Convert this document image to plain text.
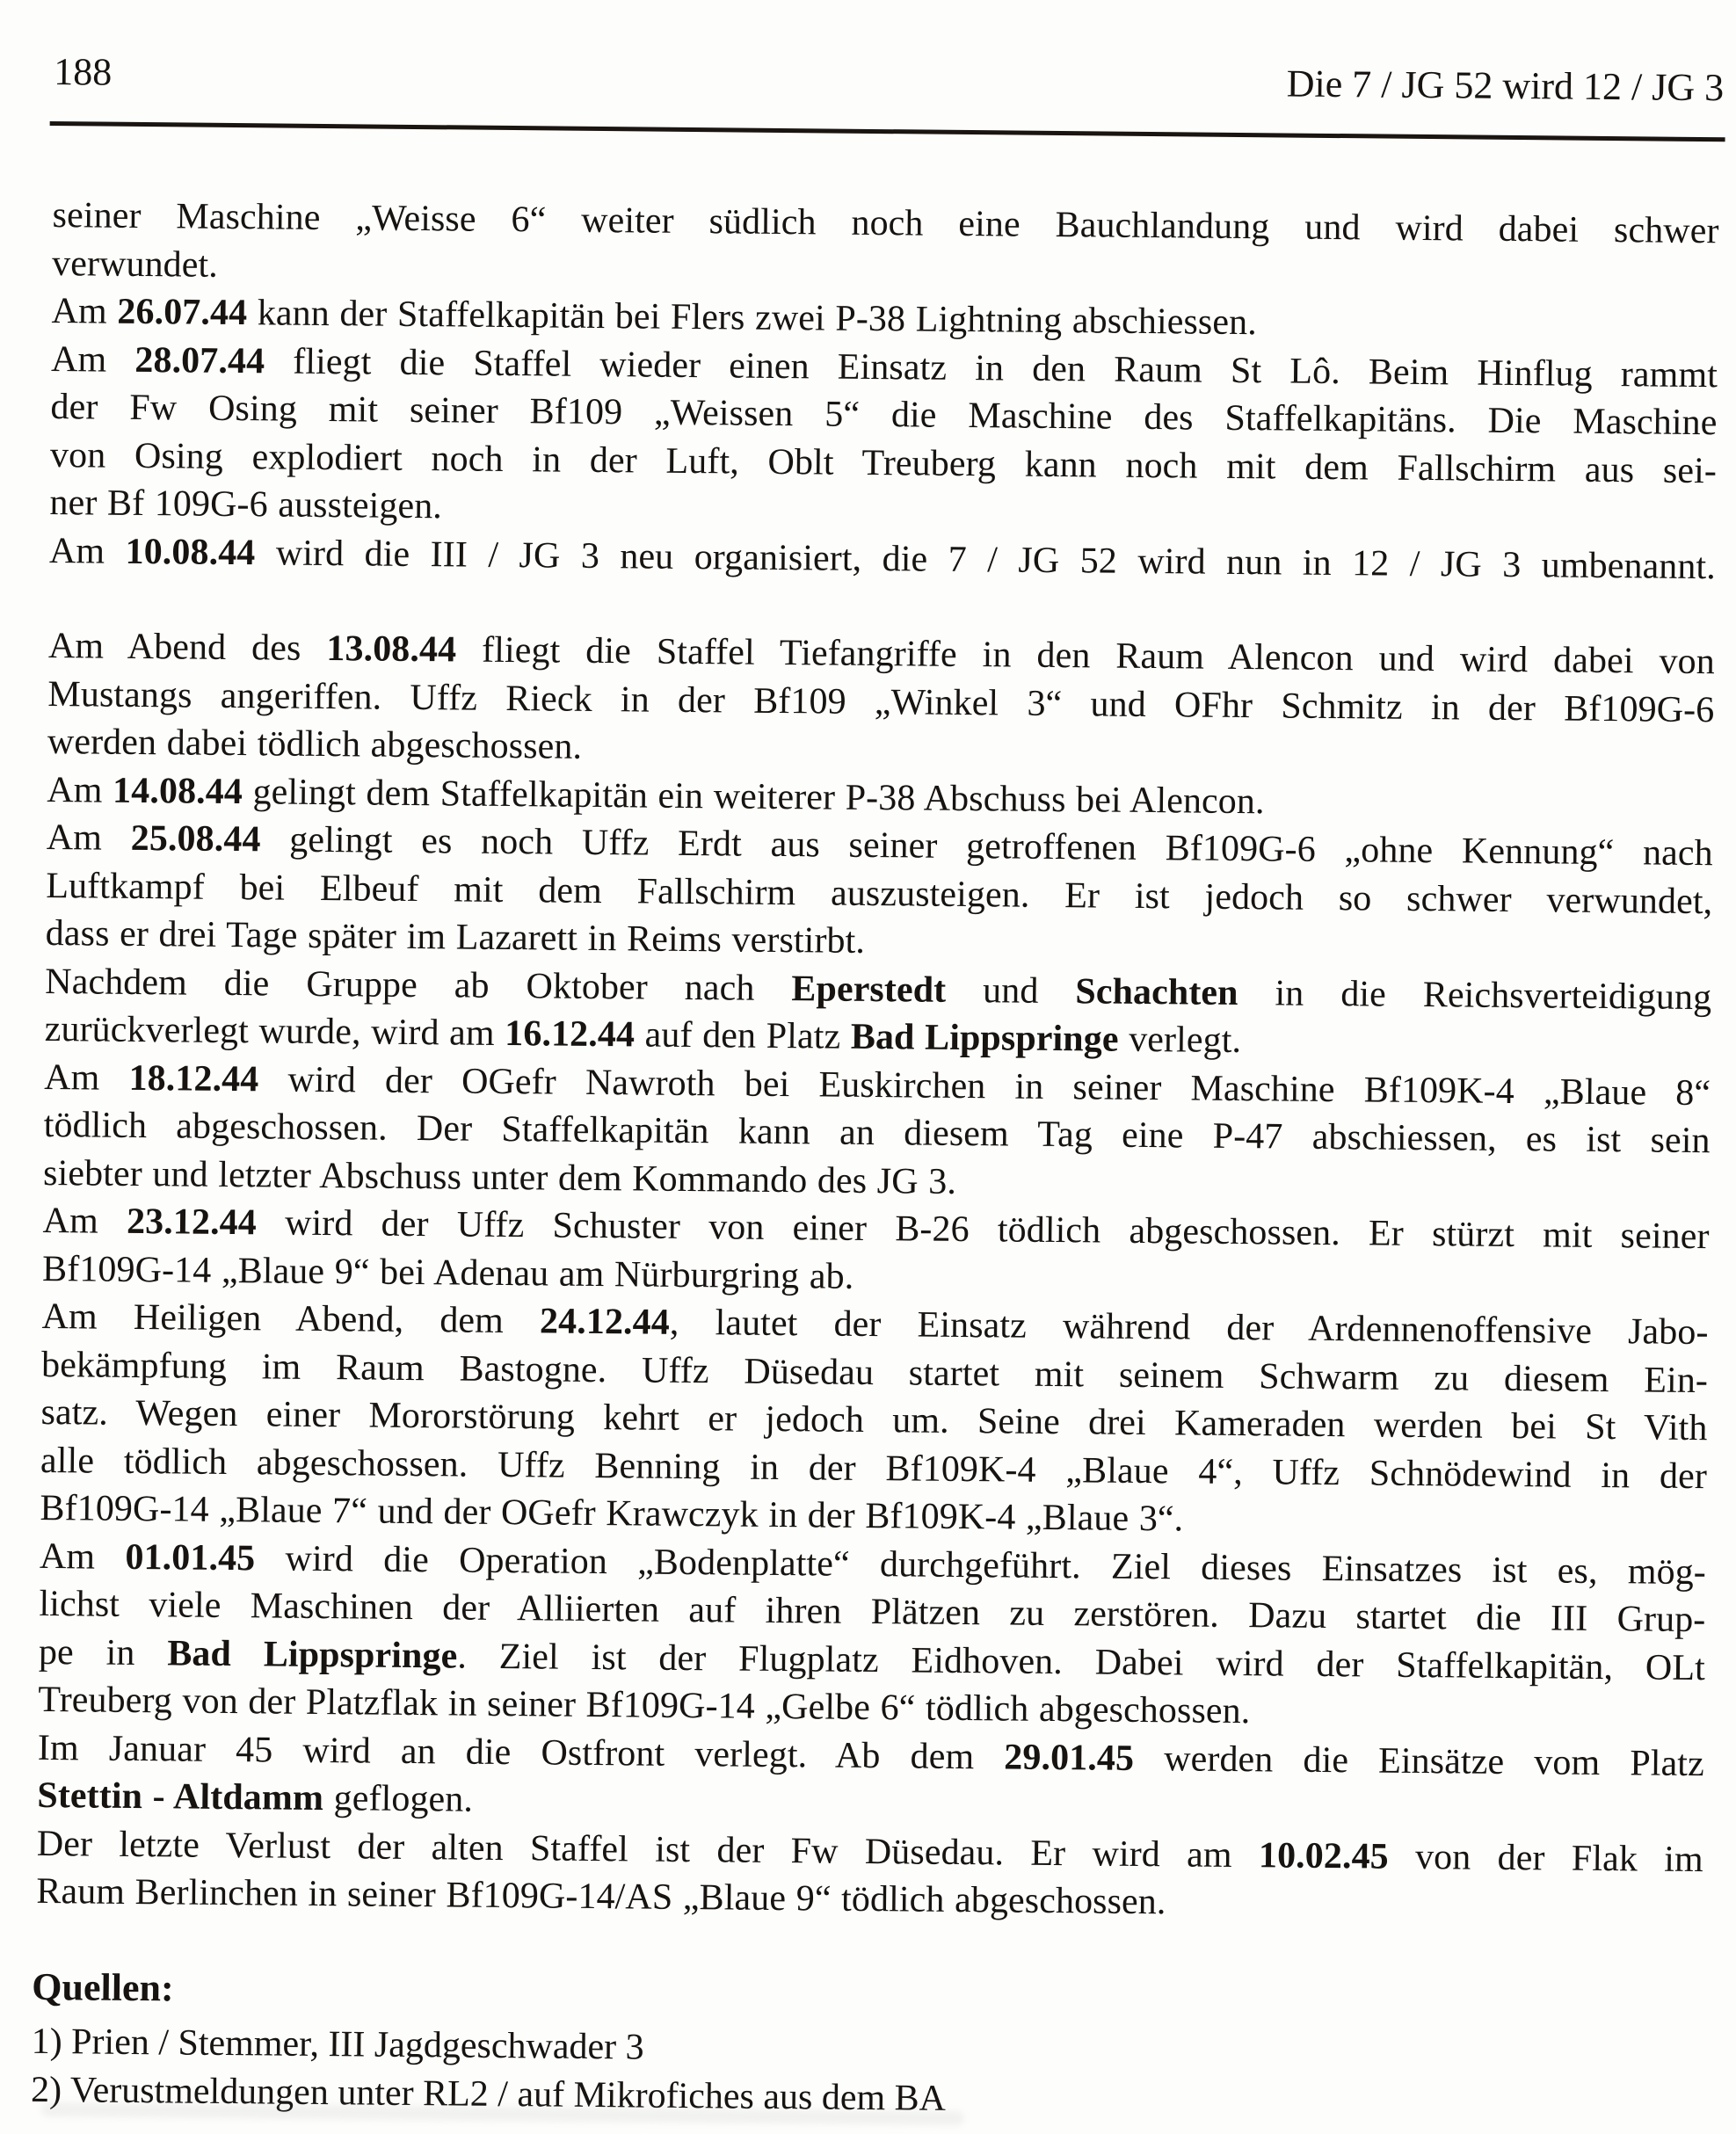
188	Die 7 / JG 52 wird 12 / JG 3
seiner Maschine „Weisse 6“ weiter südlich noch eine Bauchlandung und wird dabei schwer
verwundet.
Am 26.07.44 kann der Staffelkapitän bei Flers zwei P-38 Lightning abschiessen.
Am 28.07.44 fliegt die Staffel wieder einen Einsatz in den Raum St Lô. Beim Hinflug rammt
der Fw Osing mit seiner Bf109 „Weissen 5“ die Maschine des Staffelkapitäns. Die Maschine
von Osing explodiert noch in der Luft, Oblt Treuberg kann noch mit dem Fallschirm aus sei-
ner Bf 109G-6 aussteigen.
Am 10.08.44 wird die III / JG 3 neu organisiert, die 7 / JG 52 wird nun in 12 / JG 3 umbenannt.
Am Abend des 13.08.44 fliegt die Staffel Tiefangriffe in den Raum Alencon und wird dabei von
Mustangs angeriffen. Uffz Rieck in der Bf109 „Winkel 3“ und OFhr Schmitz in der Bf109G-6
werden dabei tödlich abgeschossen.
Am 14.08.44 gelingt dem Staffelkapitän ein weiterer P-38 Abschuss bei Alencon.
Am 25.08.44 gelingt es noch Uffz Erdt aus seiner getroffenen Bf109G-6 „ohne Kennung“ nach
Luftkampf bei Elbeuf mit dem Fallschirm auszusteigen. Er ist jedoch so schwer verwundet,
dass er drei Tage später im Lazarett in Reims verstirbt.
Nachdem die Gruppe ab Oktober nach Eperstedt und Schachten in die Reichsverteidigung
zurückverlegt wurde, wird am 16.12.44 auf den Platz Bad Lippspringe verlegt.
Am 18.12.44 wird der OGefr Nawroth bei Euskirchen in seiner Maschine Bf109K-4 „Blaue 8“
tödlich abgeschossen. Der Staffelkapitän kann an diesem Tag eine P-47 abschiessen, es ist sein
siebter und letzter Abschuss unter dem Kommando des JG 3.
Am 23.12.44 wird der Uffz Schuster von einer B-26 tödlich abgeschossen. Er stürzt mit seiner
Bf109G-14 „Blaue 9“ bei Adenau am Nürburgring ab.
Am Heiligen Abend, dem 24.12.44, lautet der Einsatz während der Ardennenoffensive Jabo-
bekämpfung im Raum Bastogne. Uffz Düsedau startet mit seinem Schwarm zu diesem Ein-
satz. Wegen einer Mororstörung kehrt er jedoch um. Seine drei Kameraden werden bei St Vith
alle tödlich abgeschossen. Uffz Benning in der Bf109K-4 „Blaue 4“, Uffz Schnödewind in der
Bf109G-14 „Blaue 7“ und der OGefr Krawczyk in der Bf109K-4 „Blaue 3“.
Am 01.01.45 wird die Operation „Bodenplatte“ durchgeführt. Ziel dieses Einsatzes ist es, mög-
lichst viele Maschinen der Alliierten auf ihren Plätzen zu zerstören. Dazu startet die III Grup-
pe in Bad Lippspringe. Ziel ist der Flugplatz Eidhoven. Dabei wird der Staffelkapitän, OLt
Treuberg von der Platzflak in seiner Bf109G-14 „Gelbe 6“ tödlich abgeschossen.
Im Januar 45 wird an die Ostfront verlegt. Ab dem 29.01.45 werden die Einsätze vom Platz
Stettin - Altdamm geflogen.
Der letzte Verlust der alten Staffel ist der Fw Düsedau. Er wird am 10.02.45 von der Flak im
Raum Berlinchen in seiner Bf109G-14/AS „Blaue 9“ tödlich abgeschossen.
Quellen:
1) Prien / Stemmer, III Jagdgeschwader 3
2) Verustmeldungen unter RL2 / auf Mikrofiches aus dem BA
